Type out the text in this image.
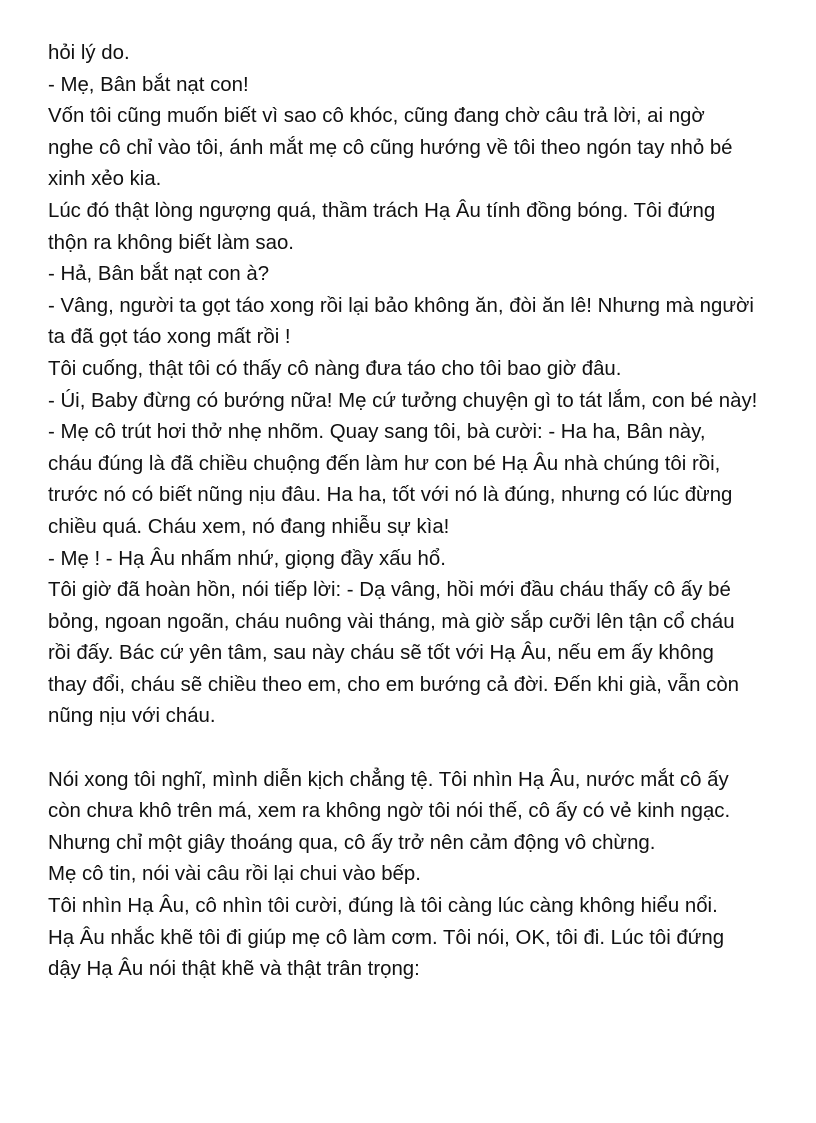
hỏi lý do.
- Mẹ, Bân bắt nạt con!
Vốn tôi cũng muốn biết vì sao cô khóc, cũng đang chờ câu trả lời, ai ngờ
nghe cô chỉ vào tôi, ánh mắt mẹ cô cũng hướng về tôi theo ngón tay nhỏ bé
xinh xẻo kia.
Lúc đó thật lòng ngượng quá, thầm trách Hạ Âu tính đồng bóng. Tôi đứng
thộn ra không biết làm sao.
- Hả, Bân bắt nạt con à?
- Vâng, người ta gọt táo xong rồi lại bảo không ăn, đòi ăn lê! Nhưng mà người
ta đã gọt táo xong mất rồi !
Tôi cuống, thật tôi có thấy cô nàng đưa táo cho tôi bao giờ đâu.
- Úi, Baby đừng có bướng nữa! Mẹ cứ tưởng chuyện gì to tát lắm, con bé này!
- Mẹ cô trút hơi thở nhẹ nhõm. Quay sang tôi, bà cười: - Ha ha, Bân này,
cháu đúng là đã chiều chuộng đến làm hư con bé Hạ Âu nhà chúng tôi rồi,
trước nó có biết nũng nịu đâu. Ha ha, tốt với nó là đúng, nhưng có lúc đừng
chiều quá. Cháu xem, nó đang nhiễu sự kìa!
- Mẹ ! - Hạ Âu nhấm nhứ, giọng đầy xấu hổ.
Tôi giờ đã hoàn hồn, nói tiếp lời: - Dạ vâng, hồi mới đầu cháu thấy cô ấy bé
bỏng, ngoan ngoãn, cháu nuông vài tháng, mà giờ sắp cưỡi lên tận cổ cháu
rồi đấy. Bác cứ yên tâm, sau này cháu sẽ tốt với Hạ Âu, nếu em ấy không
thay đổi, cháu sẽ chiều theo em, cho em bướng cả đời. Đến khi già, vẫn còn
nũng nịu với cháu.
Nói xong tôi nghĩ, mình diễn kịch chẳng tệ. Tôi nhìn Hạ Âu, nước mắt cô ấy
còn chưa khô trên má, xem ra không ngờ tôi nói thế, cô ấy có vẻ kinh ngạc.
Nhưng chỉ một giây thoáng qua, cô ấy trở nên cảm động vô chừng.
Mẹ cô tin, nói vài câu rồi lại chui vào bếp.
Tôi nhìn Hạ Âu, cô nhìn tôi cười, đúng là tôi càng lúc càng không hiểu nổi.
Hạ Âu nhắc khẽ tôi đi giúp mẹ cô làm cơm. Tôi nói, OK, tôi đi. Lúc tôi đứng
dậy Hạ Âu nói thật khẽ và thật trân trọng:
